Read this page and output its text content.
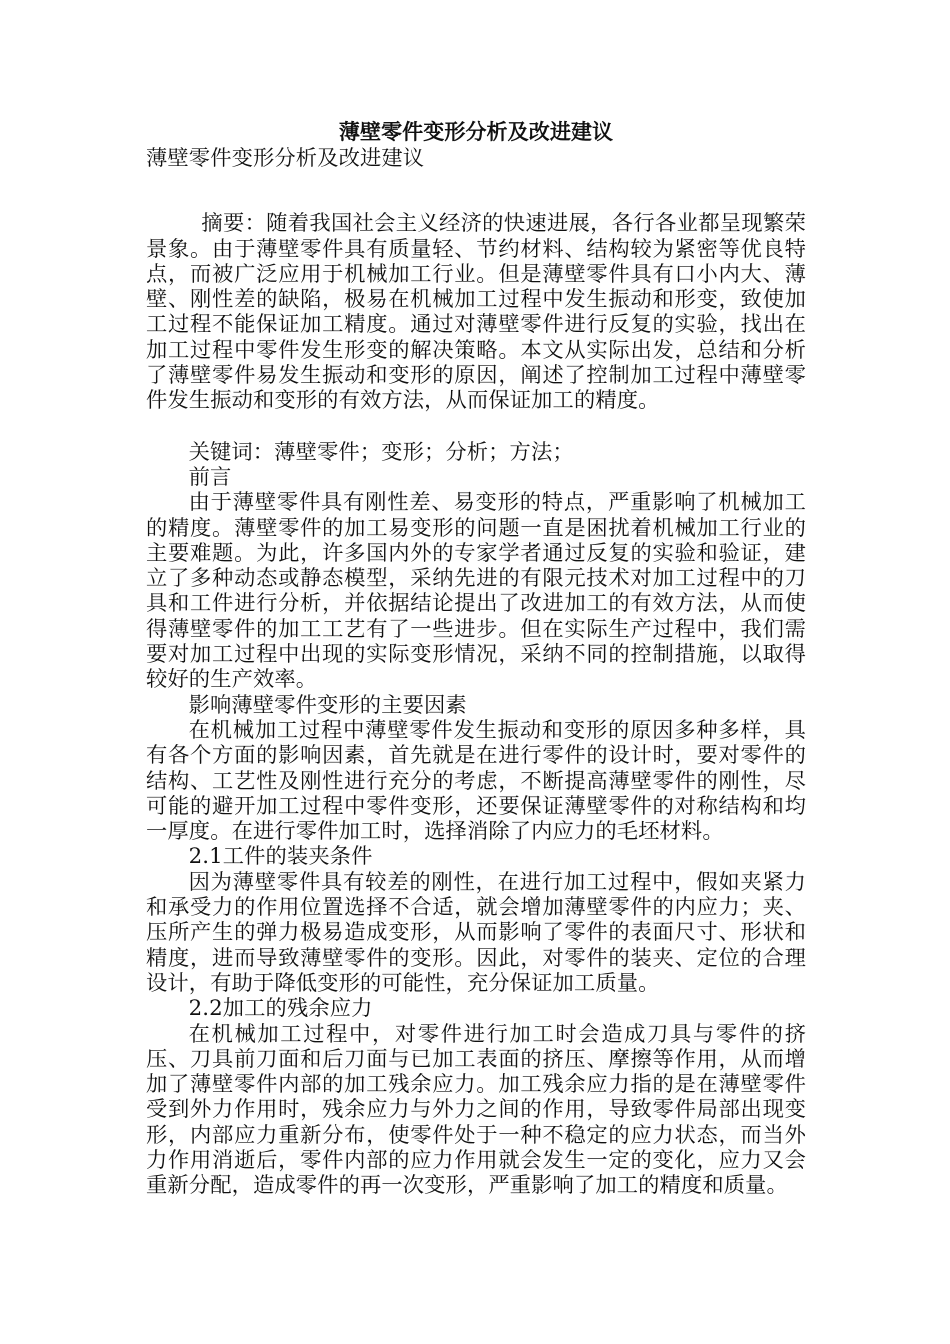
薄壁零件变形分析及改进建议

薄壁零件变形分析及改进建议

摘要：随着我国社会主义经济的快速进展，各行各业都呈现繁荣景象。由于薄壁零件具有质量轻、节约材料、结构较为紧密等优良特点，而被广泛应用于机械加工行业。但是薄壁零件具有口小内大、薄壁、刚性差的缺陷，极易在机械加工过程中发生振动和形变，致使加工过程不能保证加工精度。通过对薄壁零件进行反复的实验，找出在加工过程中零件发生形变的解决策略。本文从实际出发，总结和分析了薄壁零件易发生振动和变形的原因，阐述了控制加工过程中薄壁零件发生振动和变形的有效方法，从而保证加工的精度。

关键词：薄壁零件；变形；分析；方法；

前言

由于薄壁零件具有刚性差、易变形的特点，严重影响了机械加工的精度。薄壁零件的加工易变形的问题一直是困扰着机械加工行业的主要难题。为此，许多国内外的专家学者通过反复的实验和验证，建立了多种动态或静态模型，采纳先进的有限元技术对加工过程中的刀具和工件进行分析，并依据结论提出了改进加工的有效方法，从而使得薄壁零件的加工工艺有了一些进步。但在实际生产过程中，我们需要对加工过程中出现的实际变形情况，采纳不同的控制措施，以取得较好的生产效率。

影响薄壁零件变形的主要因素

在机械加工过程中薄壁零件发生振动和变形的原因多种多样，具有各个方面的影响因素，首先就是在进行零件的设计时，要对零件的结构、工艺性及刚性进行充分的考虑，不断提高薄壁零件的刚性，尽可能的避开加工过程中零件变形，还要保证薄壁零件的对称结构和均一厚度。在进行零件加工时，选择消除了内应力的毛坯材料。

2.1工件的装夹条件

因为薄壁零件具有较差的刚性，在进行加工过程中，假如夹紧力和承受力的作用位置选择不合适，就会增加薄壁零件的内应力；夹、压所产生的弹力极易造成变形，从而影响了零件的表面尺寸、形状和精度，进而导致薄壁零件的变形。因此，对零件的装夹、定位的合理设计，有助于降低变形的可能性，充分保证加工质量。

2.2加工的残余应力

在机械加工过程中，对零件进行加工时会造成刀具与零件的挤压、刀具前刀面和后刀面与已加工表面的挤压、摩擦等作用，从而增加了薄壁零件内部的加工残余应力。加工残余应力指的是在薄壁零件受到外力作用时，残余应力与外力之间的作用，导致零件局部出现变形，内部应力重新分布，使零件处于一种不稳定的应力状态，而当外力作用消逝后，零件内部的应力作用就会发生一定的变化，应力又会重新分配，造成零件的再一次变形，严重影响了加工的精度和质量。
